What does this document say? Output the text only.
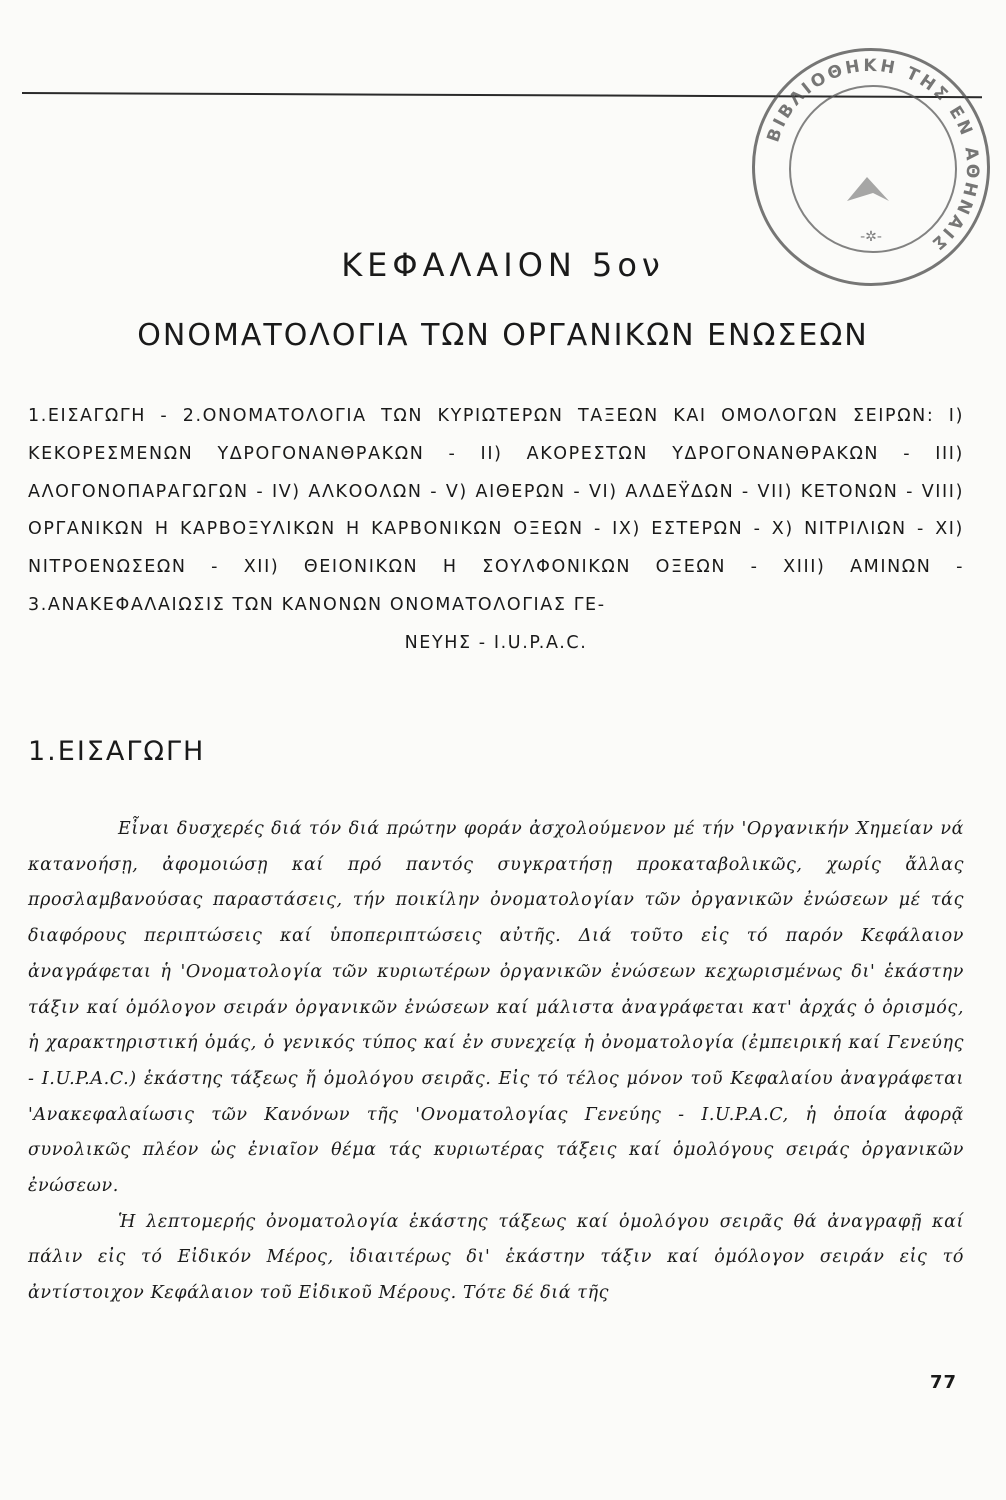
ΒΙΒΛΙΟΘΗΚΗ ΤΗΣ ΕΝ ΑΘΗΝΑΙΣ
-✲-
ΚΕΦΑΛΑΙΟΝ 5ον
ΟΝΟΜΑΤΟΛΟΓΙΑ ΤΩΝ ΟΡΓΑΝΙΚΩΝ ΕΝΩΣΕΩΝ
1.ΕΙΣΑΓΩΓΗ - 2.ΟΝΟΜΑΤΟΛΟΓΙΑ ΤΩΝ ΚΥΡΙΩΤΕΡΩΝ ΤΑΞΕΩΝ ΚΑΙ ΟΜΟΛΟΓΩΝ ΣΕΙΡΩΝ: I) ΚΕΚΟΡΕΣΜΕΝΩΝ ΥΔΡΟΓΟΝΑΝΘΡΑΚΩΝ - II) ΑΚΟΡΕΣΤΩΝ ΥΔΡΟΓΟΝΑΝΘΡΑΚΩΝ - III) ΑΛΟΓΟΝΟΠΑΡΑΓΩΓΩΝ - IV) ΑΛΚΟΟΛΩΝ - V) ΑΙΘΕΡΩΝ - VI) ΑΛΔΕΫΔΩΝ - VII) ΚΕΤΟΝΩΝ - VIII) ΟΡΓΑΝΙΚΩΝ Η ΚΑΡΒΟΞΥΛΙΚΩΝ Η ΚΑΡΒΟΝΙΚΩΝ ΟΞΕΩΝ - IX) ΕΣΤΕΡΩΝ - X) ΝΙΤΡΙΛΙΩΝ - XI) ΝΙΤΡΟΕΝΩΣΕΩΝ - XII) ΘΕΙΟΝΙΚΩΝ Η ΣΟΥΛΦΟΝΙΚΩΝ ΟΞΕΩΝ - XIII) ΑΜΙΝΩΝ - 3.ΑΝΑΚΕΦΑΛΑΙΩΣΙΣ ΤΩΝ ΚΑΝΟΝΩΝ ΟΝΟΜΑΤΟΛΟΓΙΑΣ ΓΕ-
ΝΕΥΗΣ - I.U.P.A.C.
1.ΕΙΣΑΓΩΓΗ

Εἶναι δυσχερές διά τόν διά πρώτην φοράν ἀσχολούμενον μέ τήν 'Οργανικήν Χημείαν νά κατανοήσῃ, ἀφομοιώσῃ καί πρό παντός συγκρατήσῃ προκαταβολικῶς, χωρίς ἄλλας προσλαμβανούσας παραστάσεις, τήν ποικίλην ὀνοματολογίαν τῶν ὀργανικῶν ἐνώσεων μέ τάς διαφόρους περιπτώσεις καί ὑποπεριπτώσεις αὐτῆς. Διά τοῦτο εἰς τό παρόν Κεφάλαιον ἀναγράφεται ἡ 'Ονοματολογία τῶν κυριωτέρων ὀργανικῶν ἐνώσεων κεχωρισμένως δι' ἑκάστην τάξιν καί ὁμόλογον σειράν ὀργανικῶν ἐνώσεων καί μάλιστα ἀναγράφεται κατ' ἀρχάς ὁ ὁρισμός, ἡ χαρακτηριστική ὁμάς, ὁ γενικός τύπος καί ἐν συνεχείᾳ ἡ ὀνοματολογία (ἐμπειρική καί Γενεύης - I.U.P.A.C.) ἑκάστης τάξεως ἤ ὁμολόγου σειρᾶς. Εἰς τό τέλος μόνον τοῦ Κεφαλαίου ἀναγράφεται 'Ανακεφαλαίωσις τῶν Κανόνων τῆς 'Ονοματολογίας Γενεύης - I.U.P.A.C, ἡ ὁποία ἀφορᾷ συνολικῶς πλέον ὡς ἑνιαῖον θέμα τάς κυριωτέρας τάξεις καί ὁμολόγους σειράς ὀργανικῶν ἐνώσεων.

Ἡ λεπτομερής ὀνοματολογία ἑκάστης τάξεως καί ὁμολόγου σειρᾶς θά ἀναγραφῇ καί πάλιν εἰς τό Εἰδικόν Μέρος, ἰδιαιτέρως δι' ἑκάστην τάξιν καί ὁμόλογον σειράν εἰς τό ἀντίστοιχον Κεφάλαιον τοῦ Εἰδικοῦ Μέρους. Τότε δέ διά τῆς

77
